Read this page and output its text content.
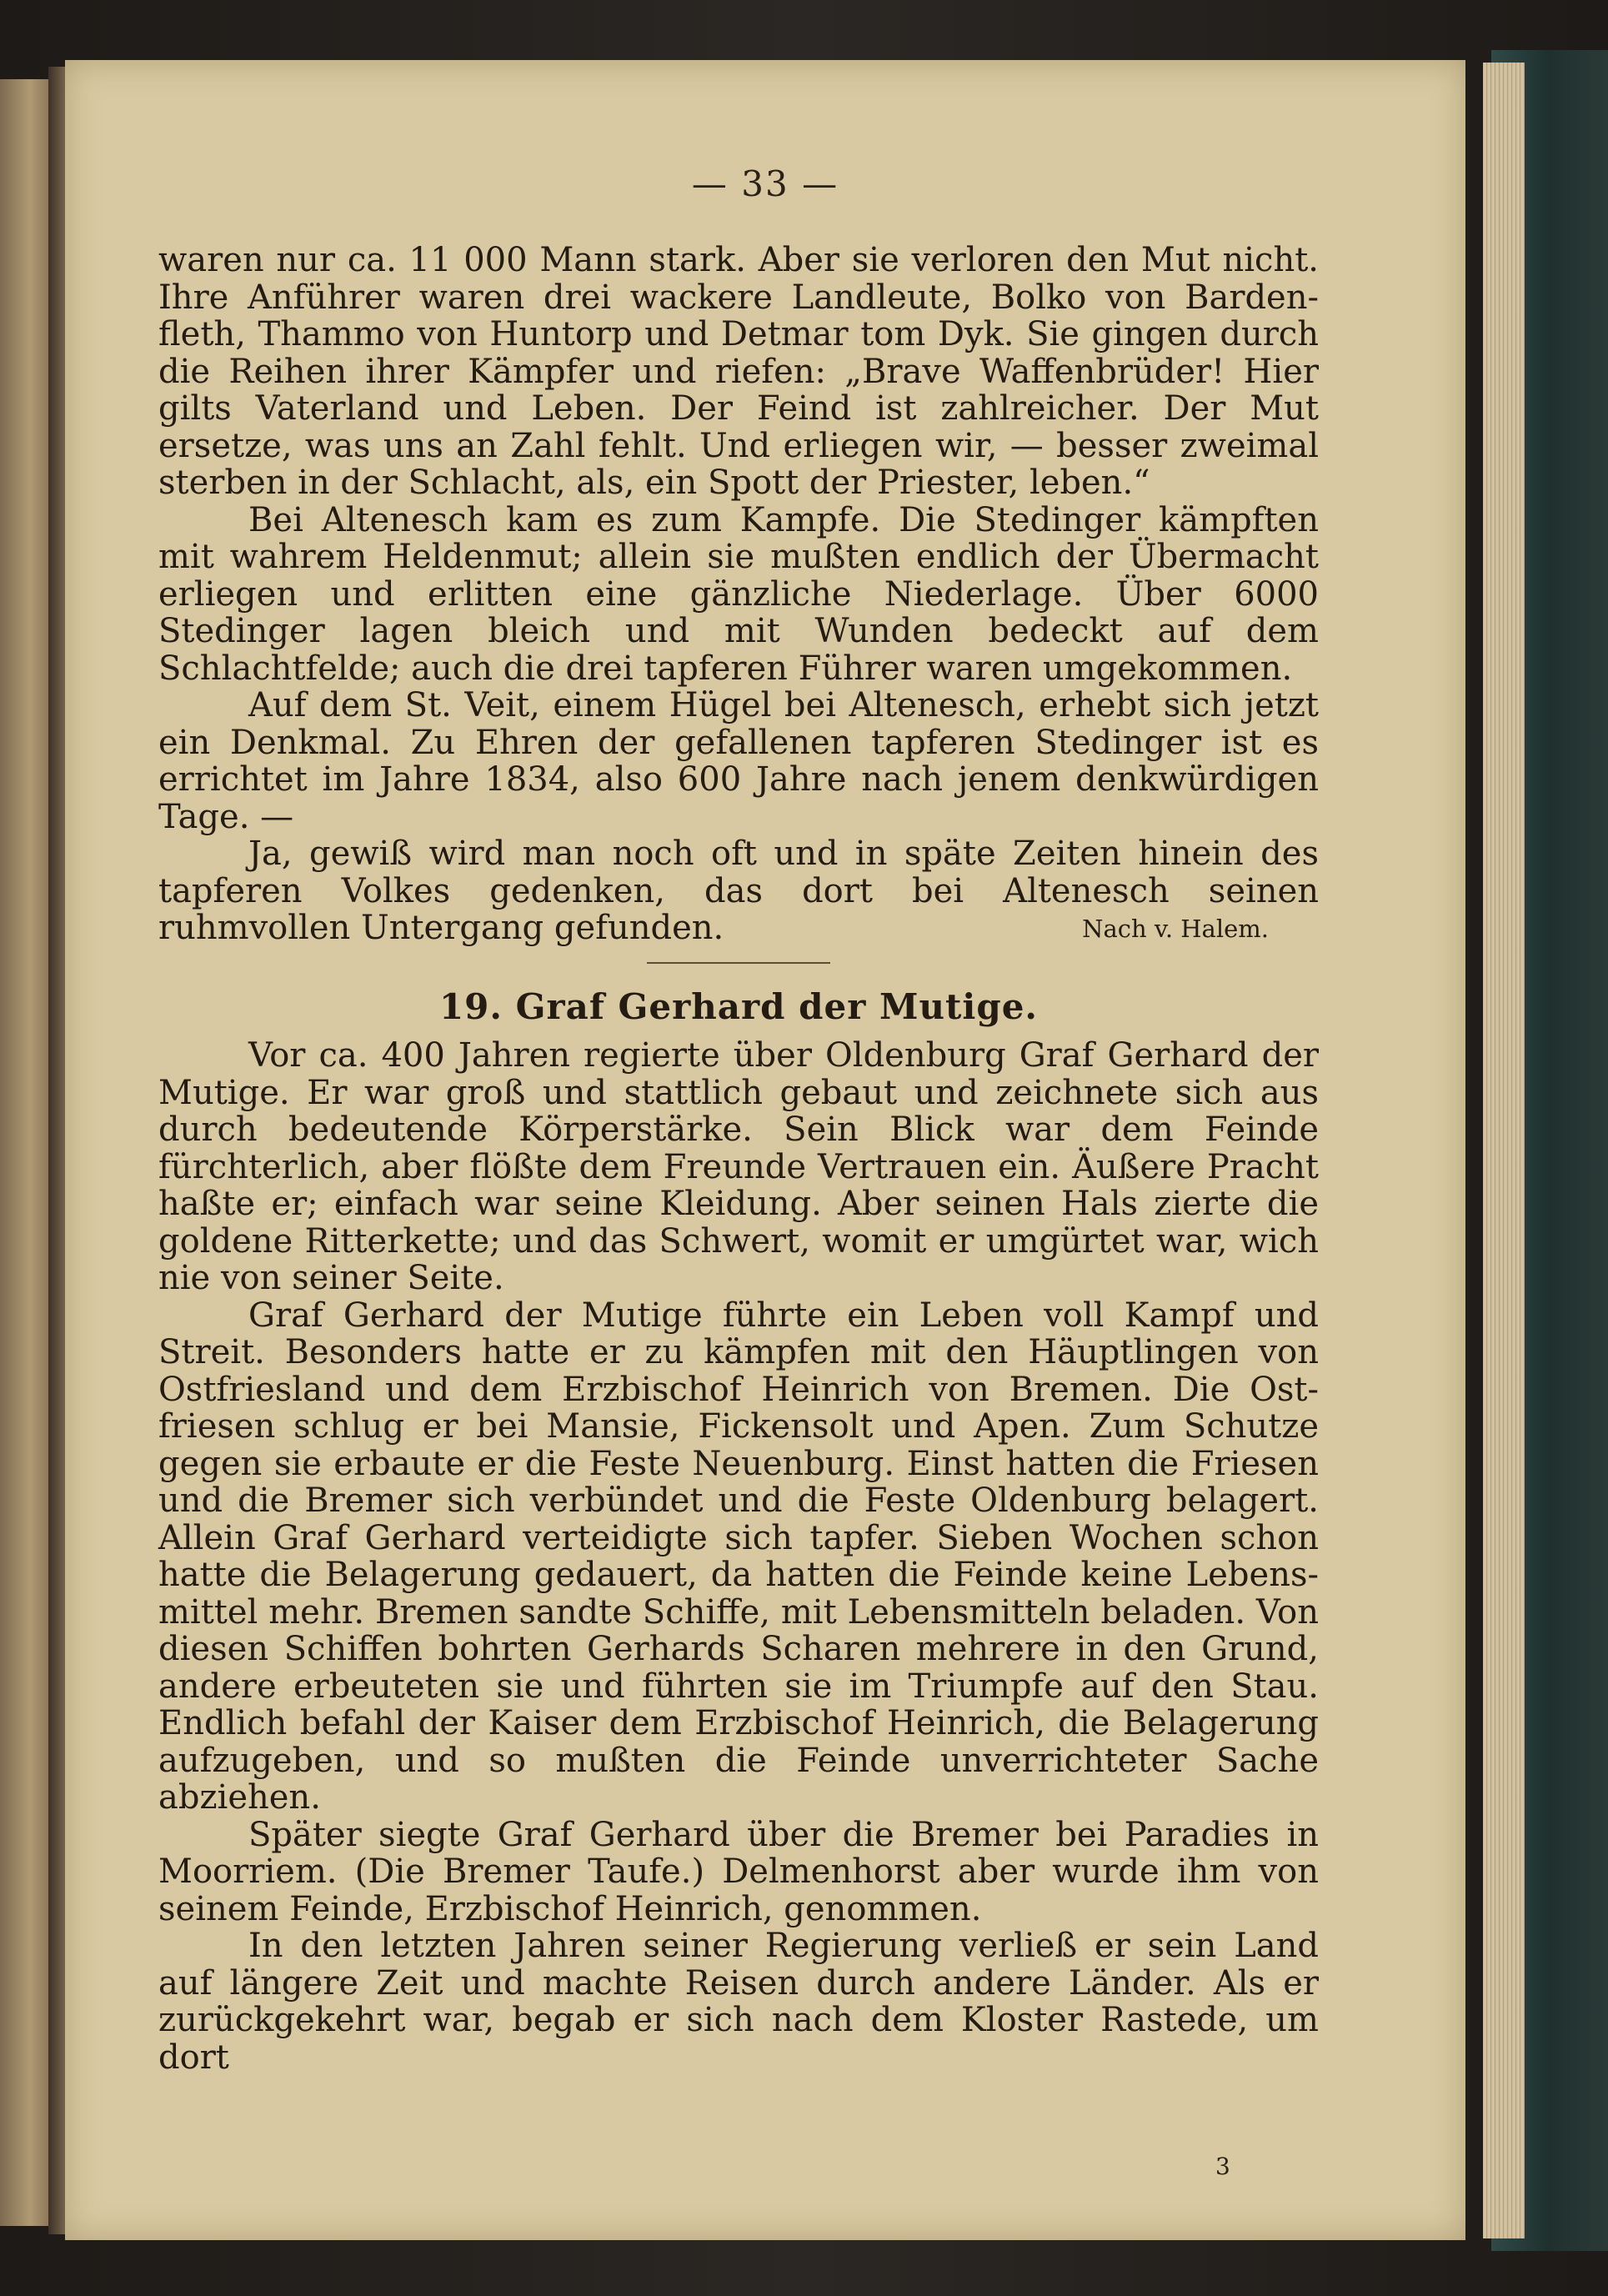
— 33 —

waren nur ca. 11 000 Mann stark. Aber sie verloren den Mut nicht. Ihre Anführer waren drei wackere Landleute, Bolko von Barden-fleth, Thammo von Huntorp und Detmar tom Dyk. Sie gingen durch die Reihen ihrer Kämpfer und riefen: „Brave Waffenbrüder! Hier gilts Vaterland und Leben. Der Feind ist zahlreicher. Der Mut ersetze, was uns an Zahl fehlt. Und erliegen wir, — besser zweimal sterben in der Schlacht, als, ein Spott der Priester, leben.“

Bei Altenesch kam es zum Kampfe. Die Stedinger kämpften mit wahrem Heldenmut; allein sie mußten endlich der Übermacht erliegen und erlitten eine gänzliche Niederlage. Über 6000 Stedinger lagen bleich und mit Wunden bedeckt auf dem Schlachtfelde; auch die drei tapferen Führer waren umgekommen.

Auf dem St. Veit, einem Hügel bei Altenesch, erhebt sich jetzt ein Denkmal. Zu Ehren der gefallenen tapferen Stedinger ist es errichtet im Jahre 1834, also 600 Jahre nach jenem denkwürdigen Tage. —

Ja, gewiß wird man noch oft und in späte Zeiten hinein des tapferen Volkes gedenken, das dort bei Altenesch seinen ruhmvollen Untergang gefunden.	Nach v. Halem.

19. Graf Gerhard der Mutige.

Vor ca. 400 Jahren regierte über Oldenburg Graf Gerhard der Mutige. Er war groß und stattlich gebaut und zeichnete sich aus durch bedeutende Körperstärke. Sein Blick war dem Feinde fürchterlich, aber flößte dem Freunde Vertrauen ein. Äußere Pracht haßte er; einfach war seine Kleidung. Aber seinen Hals zierte die goldene Ritterkette; und das Schwert, womit er umgürtet war, wich nie von seiner Seite.

Graf Gerhard der Mutige führte ein Leben voll Kampf und Streit. Besonders hatte er zu kämpfen mit den Häuptlingen von Ostfriesland und dem Erzbischof Heinrich von Bremen. Die Ost-friesen schlug er bei Mansie, Fickensolt und Apen. Zum Schutze gegen sie erbaute er die Feste Neuenburg. Einst hatten die Friesen und die Bremer sich verbündet und die Feste Oldenburg belagert. Allein Graf Gerhard verteidigte sich tapfer. Sieben Wochen schon hatte die Belagerung gedauert, da hatten die Feinde keine Lebens-mittel mehr. Bremen sandte Schiffe, mit Lebensmitteln beladen. Von diesen Schiffen bohrten Gerhards Scharen mehrere in den Grund, andere erbeuteten sie und führten sie im Triumpfe auf den Stau. Endlich befahl der Kaiser dem Erzbischof Heinrich, die Belagerung aufzugeben, und so mußten die Feinde unverrichteter Sache abziehen.

Später siegte Graf Gerhard über die Bremer bei Paradies in Moorriem. (Die Bremer Taufe.) Delmenhorst aber wurde ihm von seinem Feinde, Erzbischof Heinrich, genommen.

In den letzten Jahren seiner Regierung verließ er sein Land auf längere Zeit und machte Reisen durch andere Länder. Als er zurückgekehrt war, begab er sich nach dem Kloster Rastede, um dort

3
